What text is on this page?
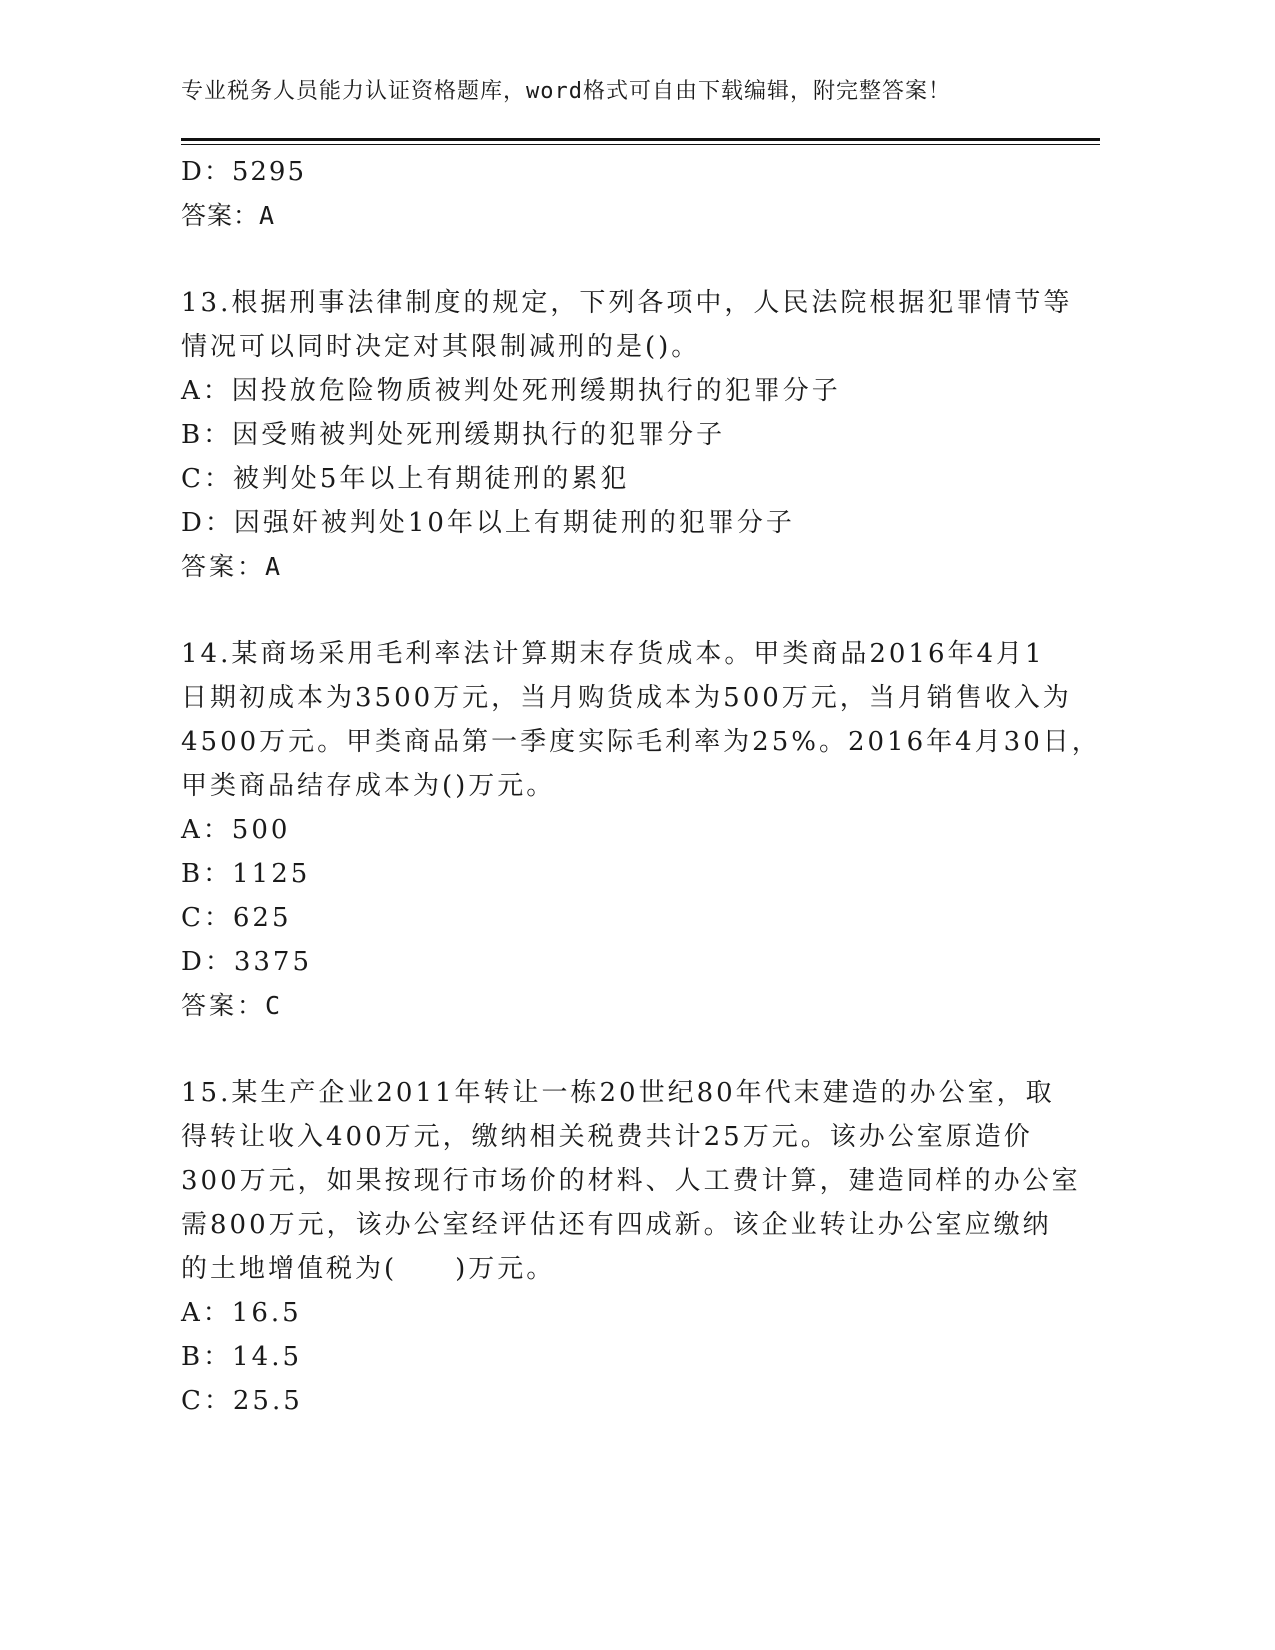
专业税务人员能力认证资格题库，word格式可自由下载编辑，附完整答案！
D：5295
答案：A
13.根据刑事法律制度的规定，下列各项中，人民法院根据犯罪情节等
情况可以同时决定对其限制减刑的是()。
A：因投放危险物质被判处死刑缓期执行的犯罪分子
B：因受贿被判处死刑缓期执行的犯罪分子
C：被判处5年以上有期徒刑的累犯
D：因强奸被判处10年以上有期徒刑的犯罪分子
答案：A
14.某商场采用毛利率法计算期末存货成本。甲类商品2016年4月1
日期初成本为3500万元，当月购货成本为500万元，当月销售收入为
4500万元。甲类商品第一季度实际毛利率为25%。2016年4月30日，
甲类商品结存成本为()万元。
A：500
B：1125
C：625
D：3375
答案：C
15.某生产企业2011年转让一栋20世纪80年代末建造的办公室，取
得转让收入400万元，缴纳相关税费共计25万元。该办公室原造价
300万元，如果按现行市场价的材料、人工费计算，建造同样的办公室
需800万元，该办公室经评估还有四成新。该企业转让办公室应缴纳
的土地增值税为(　　)万元。
A：16.5
B：14.5
C：25.5
